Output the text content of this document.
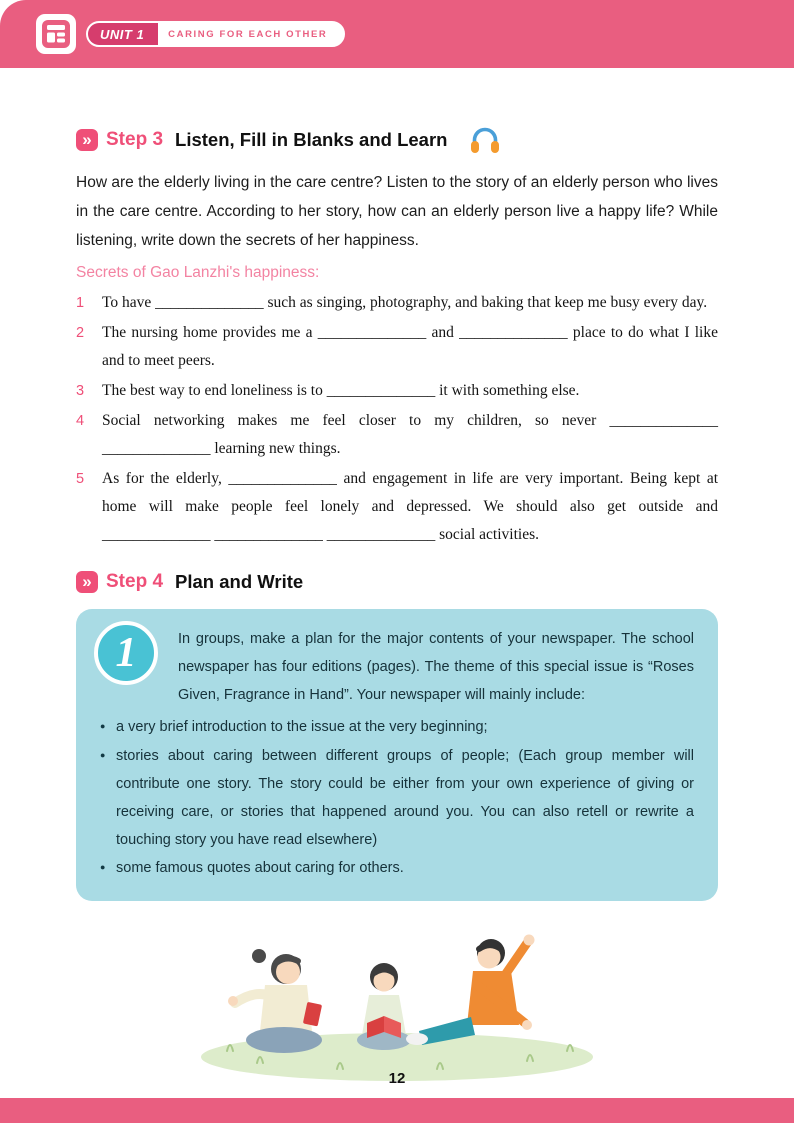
UNIT 1	CARING FOR EACH OTHER
»
Step 3 Listen, Fill in Blanks and Learn

How are the elderly living in the care centre? Listen to the story of an elderly person who lives in the care centre. According to her story, how can an elderly person live a happy life? While listening, write down the secrets of her happiness.

Secrets of Gao Lanzhi's happiness:

1	To have ______________ such as singing, photography, and baking that keep me busy every day.
2	The nursing home provides me a ______________ and ______________ place to do what I like and to meet peers.
3	The best way to end loneliness is to ______________ it with something else.
4	Social networking makes me feel closer to my children, so never ______________ ______________ learning new things.
5	As for the elderly, ______________ and engagement in life are very important. Being kept at home will make people feel lonely and depressed. We should also get outside and ______________ ______________ ______________ social activities.
»
Step 4 Plan and Write
1	In groups, make a plan for the major contents of your newspaper. The school newspaper has four editions (pages). The theme of this special issue is “Roses Given, Fragrance in Hand”. Your newspaper will mainly include:

●
a very brief introduction to the issue at the very beginning;
●
stories about caring between different groups of people; (Each group member will contribute one story. The story could be either from your own experience of giving or receiving care, or stories that happened around you. You can also retell or rewrite a touching story you have read elsewhere)
●
some famous quotes about caring for others.
12
